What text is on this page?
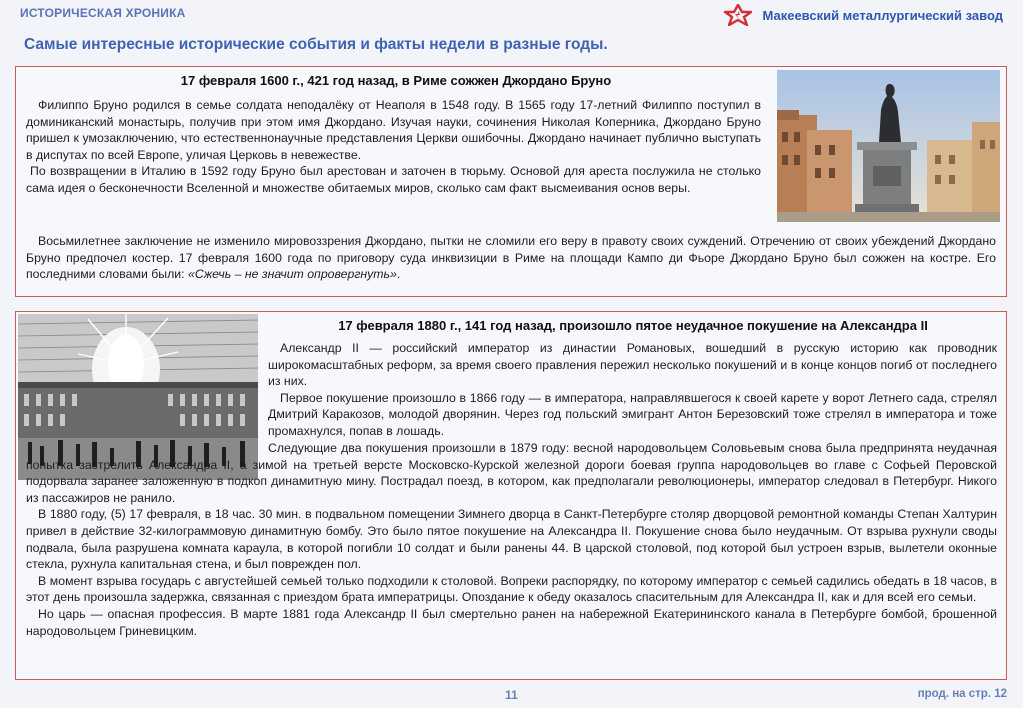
ИСТОРИЧЕСКАЯ ХРОНИКА	Макеевский металлургический завод
Самые интересные исторические события и факты недели в разные годы.
17 февраля 1600 г., 421 год назад, в Риме сожжен Джордано Бруно

Филиппо Бруно родился в семье солдата неподалёку от Неаполя в 1548 году. В 1565 году 17-летний Филиппо поступил в доминиканский монастырь, получив при этом имя Джордано. Изучая науки, сочинения Николая Коперника, Джордано Бруно пришел к умозаключению, что естественнонаучные представления Церкви ошибочны. Джордано начинает публично выступать в диспутах по всей Европе, уличая Церковь в невежестве.

По возвращении в Италию в 1592 году Бруно был арестован и заточен в тюрьму. Основой для ареста послужила не столько сама идея о бесконечности Вселенной и множестве обитаемых миров, сколько сам факт высмеивания основ веры.

Восьмилетнее заключение не изменило мировоззрения Джордано, пытки не сломили его веру в правоту своих суждений. Отречению от своих убеждений Джордано Бруно предпочел костер. 17 февраля 1600 года по приговору суда инквизиции в Риме на площади Кампо ди Фьоре Джордано Бруно был сожжен на костре. Его последними словами были: «Сжечь – не значит опровергнуть».

17 февраля 1880 г., 141 год назад, произошло пятое неудачное покушение на Александра II

Александр II — российский император из династии Романовых, вошедший в русскую историю как проводник широкомасштабных реформ, за время своего правления пережил несколько покушений и в конце концов погиб от последнего из них.

Первое покушение произошло в 1866 году — в императора, направлявшегося к своей карете у ворот Летнего сада, стрелял Дмитрий Каракозов, молодой дворянин. Через год польский эмигрант Антон Березовский тоже стрелял в императора и тоже промахнулся, попав в лошадь.

Следующие два покушения произошли в 1879 году: весной народовольцем Соловьевым снова была предпринята неудачная попытка застрелить Александра II, а зимой на третьей версте Московско-Курской железной дороги боевая группа народовольцев во главе с Софьей Перовской подорвала заранее заложенную в подкоп динамитную мину. Пострадал поезд, в котором, как предполагали революционеры, император следовал в Петербург. Никого из пассажиров не ранило.

В 1880 году, (5) 17 февраля, в 18 час. 30 мин. в подвальном помещении Зимнего дворца в Санкт-Петербурге столяр дворцовой ремонтной команды Степан Халтурин привел в действие 32-килограммовую динамитную бомбу. Это было пятое покушение на Александра II. Покушение снова было неудачным. От взрыва рухнули своды подвала, была разрушена комната караула, в которой погибли 10 солдат и были ранены 44. В царской столовой, под которой был устроен взрыв, вылетели оконные стекла, рухнула капитальная стена, и был поврежден пол.

В момент взрыва государь с августейшей семьей только подходили к столовой. Вопреки распорядку, по которому император с семьей садились обедать в 18 часов, в этот день произошла задержка, связанная с приездом брата императрицы. Опоздание к обеду оказалось спасительным для Александра II, как и для всей его семьи.

Но царь — опасная профессия. В марте 1881 года Александр II был смертельно ранен на набережной Екатерининского канала в Петербурге бомбой, брошенной народовольцем Гриневицким.

11	прод. на стр. 12
